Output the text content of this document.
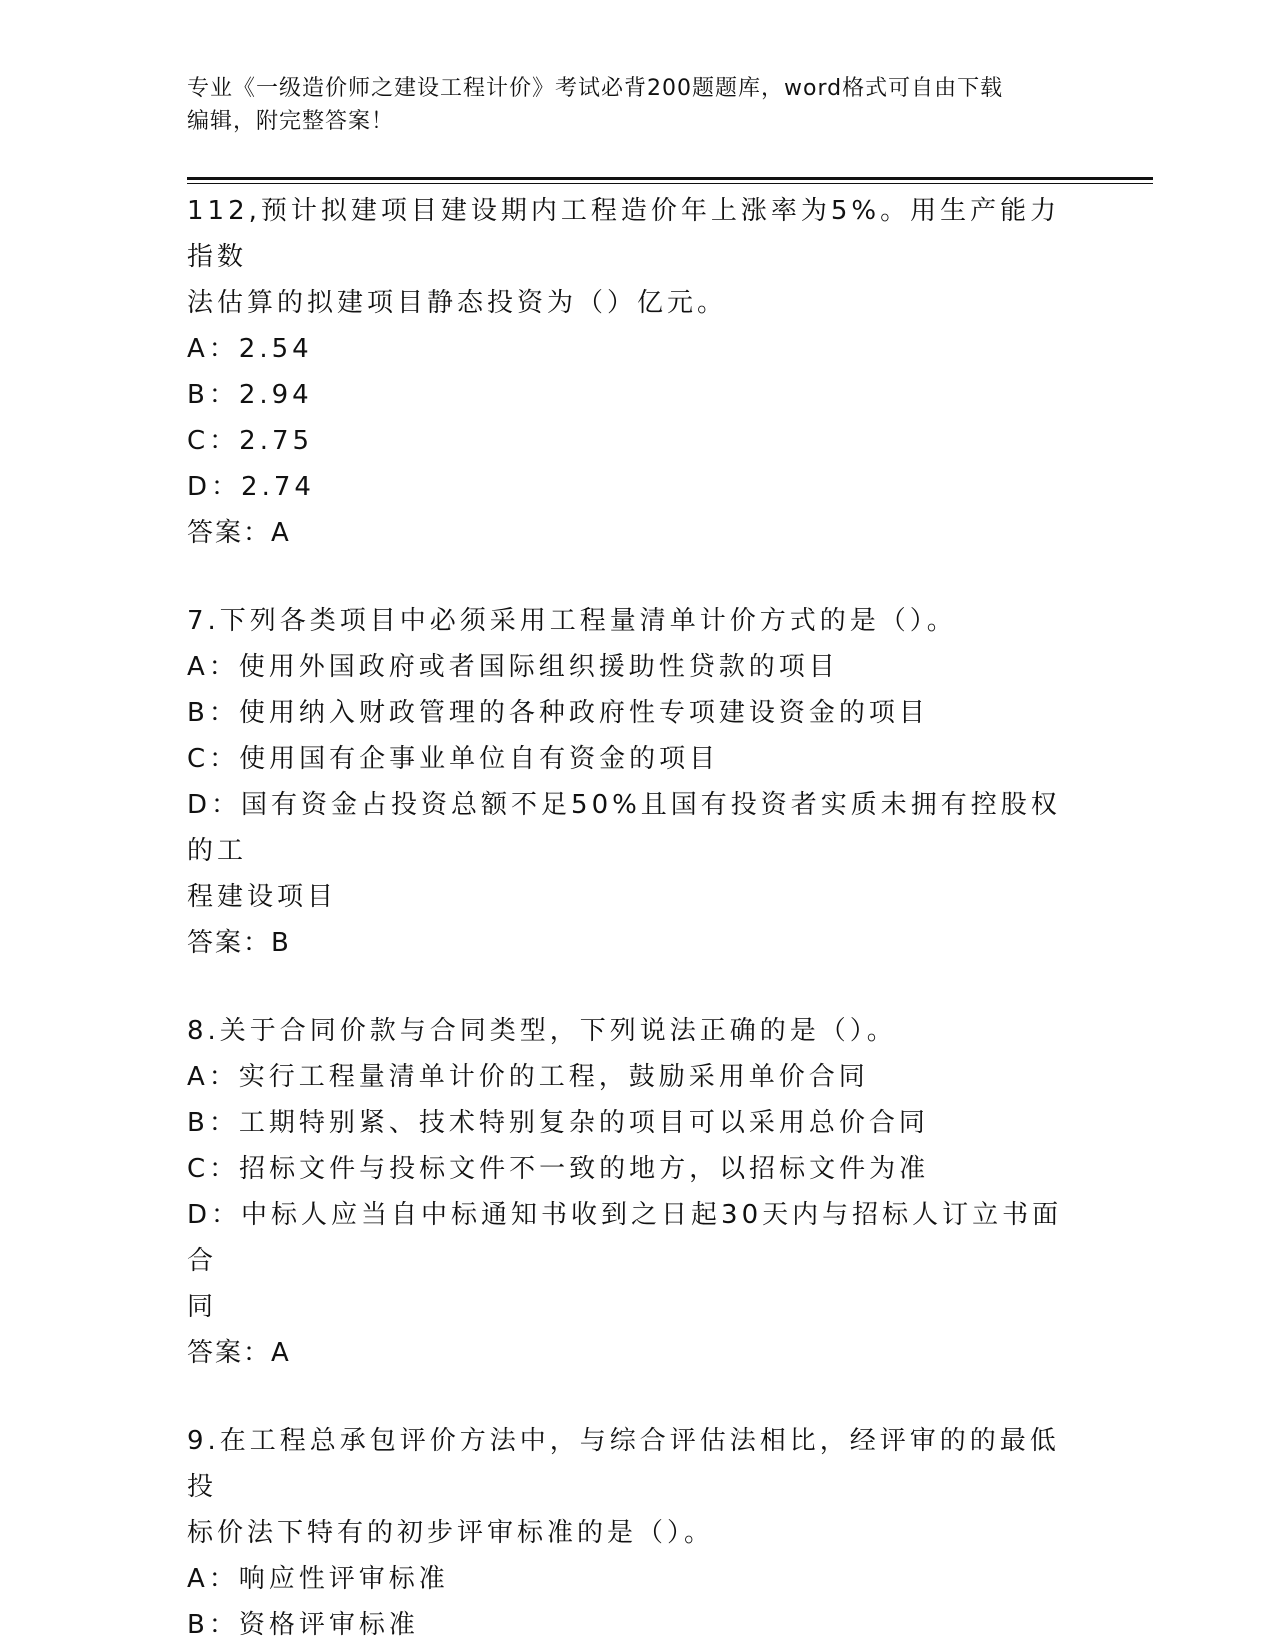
专业《一级造价师之建设工程计价》考试必背200题题库，word格式可自由下载
编辑，附完整答案！
112,预计拟建项目建设期内工程造价年上涨率为5%。用生产能力指数
法估算的拟建项目静态投资为（）亿元。
A：2.54
B：2.94
C：2.75
D：2.74
答案：A
7.下列各类项目中必须采用工程量清单计价方式的是（）。
A：使用外国政府或者国际组织援助性贷款的项目
B：使用纳入财政管理的各种政府性专项建设资金的项目
C：使用国有企事业单位自有资金的项目
D：国有资金占投资总额不足50%且国有投资者实质未拥有控股权的工
程建设项目
答案：B
8.关于合同价款与合同类型，下列说法正确的是（）。
A：实行工程量清单计价的工程，鼓励采用单价合同
B：工期特别紧、技术特别复杂的项目可以采用总价合同
C：招标文件与投标文件不一致的地方，以招标文件为准
D：中标人应当自中标通知书收到之日起30天内与招标人订立书面合
同
答案：A
9.在工程总承包评价方法中，与综合评估法相比，经评审的的最低投
标价法下特有的初步评审标准的是（）。
A：响应性评审标准
B：资格评审标准
